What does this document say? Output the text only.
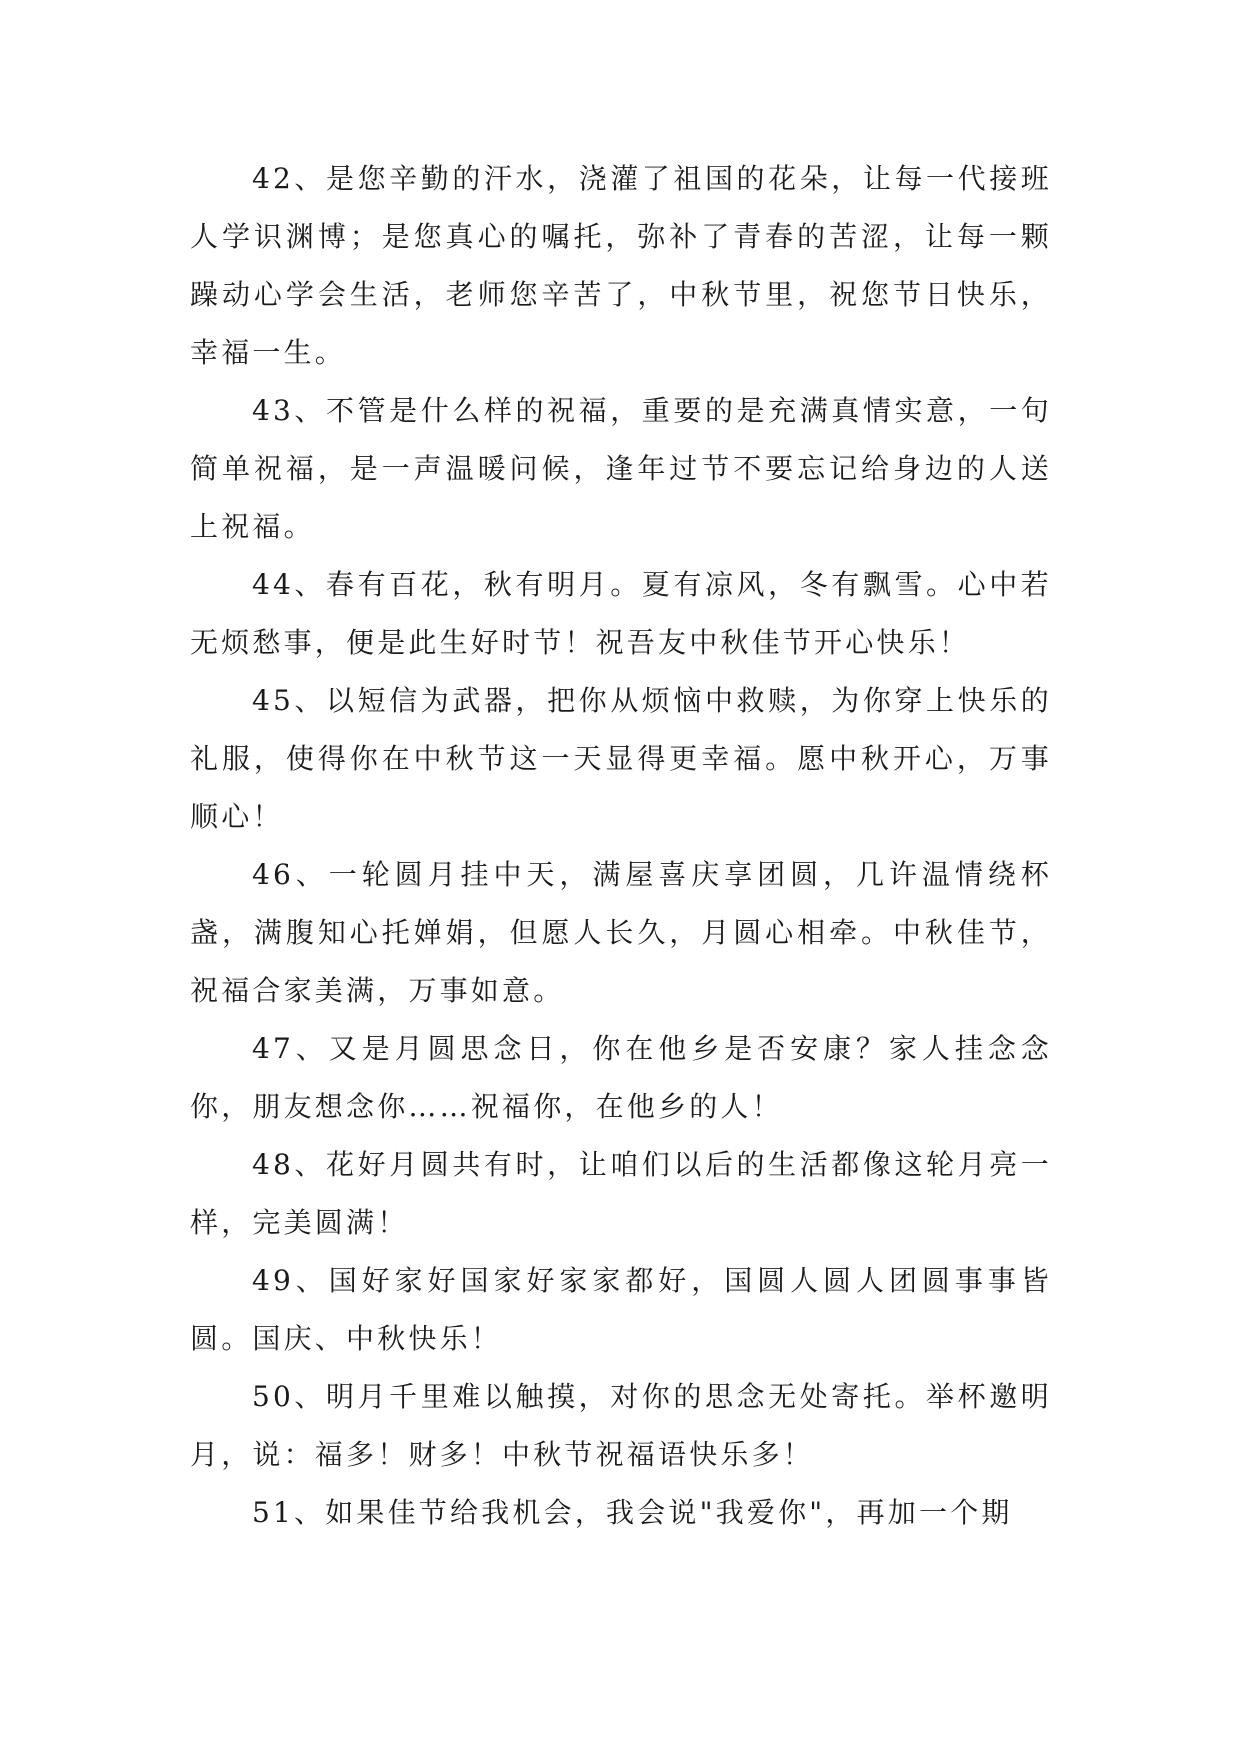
42、是您辛勤的汗水，浇灌了祖国的花朵，让每一代接班人学识渊博；是您真心的嘱托，弥补了青春的苦涩，让每一颗躁动心学会生活，老师您辛苦了，中秋节里，祝您节日快乐，幸福一生。

43、不管是什么样的祝福，重要的是充满真情实意，一句简单祝福，是一声温暖问候，逢年过节不要忘记给身边的人送上祝福。

44、春有百花，秋有明月。夏有凉风，冬有飘雪。心中若无烦愁事，便是此生好时节！祝吾友中秋佳节开心快乐！

45、以短信为武器，把你从烦恼中救赎，为你穿上快乐的礼服，使得你在中秋节这一天显得更幸福。愿中秋开心，万事顺心！

46、一轮圆月挂中天，满屋喜庆享团圆，几许温情绕杯盏，满腹知心托婵娟，但愿人长久，月圆心相牵。中秋佳节，祝福合家美满，万事如意。

47、又是月圆思念日，你在他乡是否安康？家人挂念念你，朋友想念你……祝福你，在他乡的人！

48、花好月圆共有时，让咱们以后的生活都像这轮月亮一样，完美圆满！

49、国好家好国家好家家都好，国圆人圆人团圆事事皆圆。国庆、中秋快乐！

50、明月千里难以触摸，对你的思念无处寄托。举杯邀明月，说：福多！财多！中秋节祝福语快乐多！

51、如果佳节给我机会，我会说"我爱你"，再加一个期
